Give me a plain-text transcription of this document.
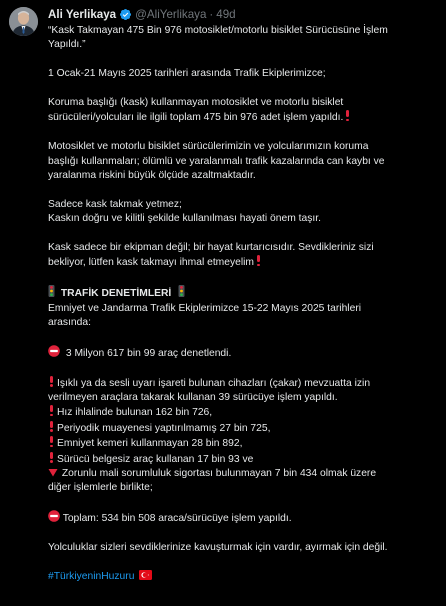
Ali Yerlikaya @AliYerlikaya · 49d
“Kask Takmayan 475 Bin 976 motosiklet/motorlu bisiklet Sürücüsüne İşlem
Yapıldı.”
1 Ocak-21 Mayıs 2025 tarihleri arasında Trafik Ekiplerimizce;
Koruma başlığı (kask) kullanmayan motosiklet ve motorlu bisiklet
sürücüleri/yolcuları ile ilgili toplam 475 bin 976 adet işlem yapıldı.
Motosiklet ve motorlu bisiklet sürücülerimizin ve yolcularımızın koruma
başlığı kullanmaları; ölümlü ve yaralanmalı trafik kazalarında can kaybı ve
yaralanma riskini büyük ölçüde azaltmaktadır.
Sadece kask takmak yetmez;
Kaskın doğru ve kilitli şekilde kullanılması hayati önem taşır.
Kask sadece bir ekipman değil; bir hayat kurtarıcısıdır. Sevdikleriniz sizi
bekliyor, lütfen kask takmayı ihmal etmeyelim
TRAFİK DENETİMLERİ
Emniyet ve Jandarma Trafik Ekiplerimizce 15-22 Mayıs 2025 tarihleri
arasında:
3 Milyon 617 bin 99 araç denetlendi.
Işıklı ya da sesli uyarı işareti bulunan cihazları (çakar) mevzuatta izin
verilmeyen araçlara takarak kullanan 39 sürücüye işlem yapıldı.
Hız ihlalinde bulunan 162 bin 726,
Periyodik muayenesi yaptırılmamış 27 bin 725,
Emniyet kemeri kullanmayan 28 bin 892,
Sürücü belgesiz araç kullanan 17 bin 93 ve
Zorunlu mali sorumluluk sigortası bulunmayan 7 bin 434 olmak üzere
diğer işlemlerle birlikte;
Toplam: 534 bin 508 araca/sürücüye işlem yapıldı.
Yolculuklar sizleri sevdiklerinize kavuşturmak için vardır, ayırmak için değil.
#TürkiyeninHuzuru
